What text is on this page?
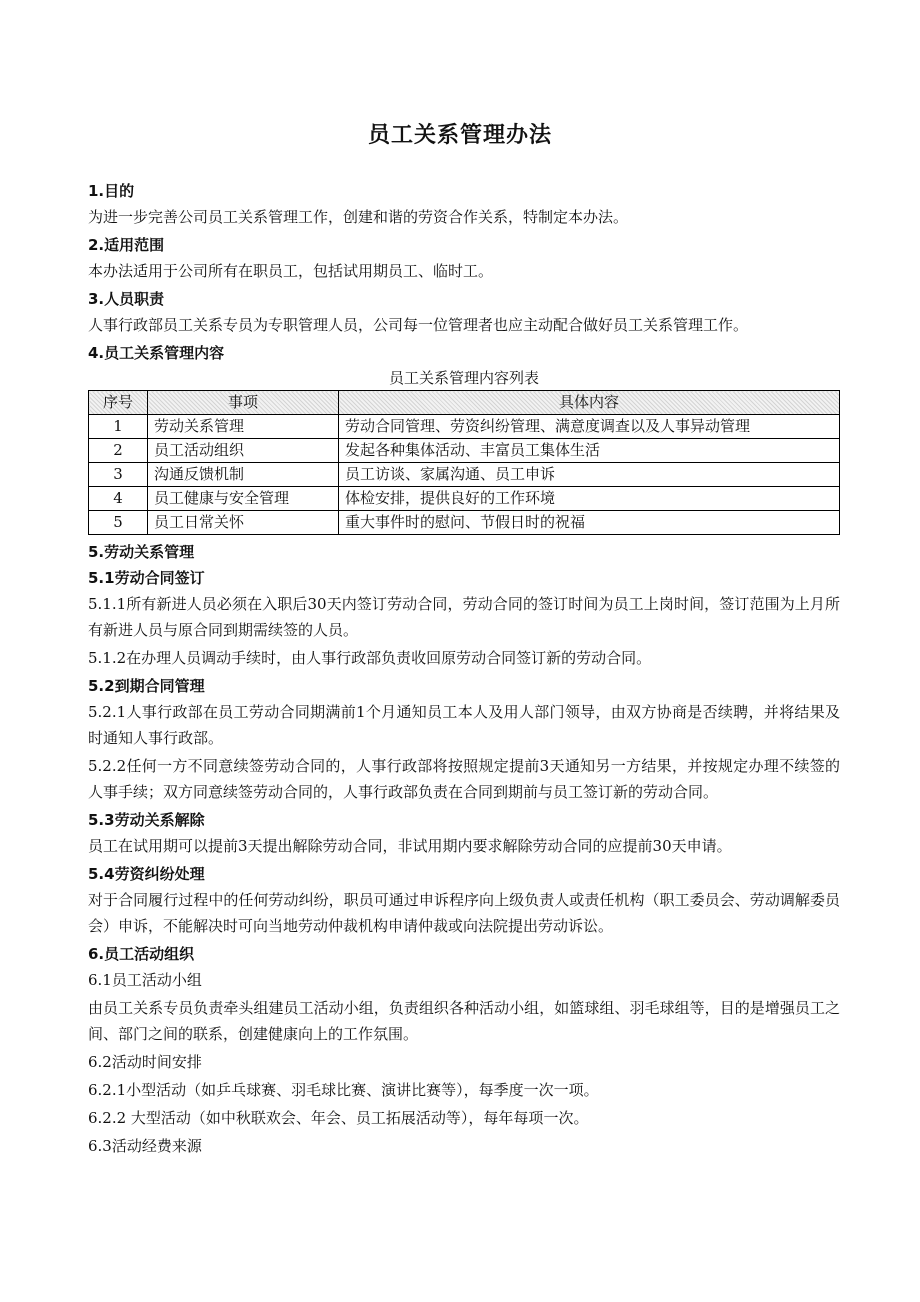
员工关系管理办法
1.目的
为进一步完善公司员工关系管理工作，创建和谐的劳资合作关系，特制定本办法。
2.适用范围
本办法适用于公司所有在职员工，包括试用期员工、临时工。
3.人员职责
人事行政部员工关系专员为专职管理人员，公司每一位管理者也应主动配合做好员工关系管理工作。
4.员工关系管理内容
员工关系管理内容列表
序号	事项	具体内容
1	劳动关系管理	劳动合同管理、劳资纠纷管理、满意度调查以及人事异动管理
2	员工活动组织	发起各种集体活动、丰富员工集体生活
3	沟通反馈机制	员工访谈、家属沟通、员工申诉
4	员工健康与安全管理	体检安排，提供良好的工作环境
5	员工日常关怀	重大事件时的慰问、节假日时的祝福
5.劳动关系管理
5.1劳动合同签订
5.1.1所有新进人员必须在入职后30天内签订劳动合同，劳动合同的签订时间为员工上岗时间，签订范围为上月所有新进人员与原合同到期需续签的人员。
5.1.2在办理人员调动手续时，由人事行政部负责收回原劳动合同签订新的劳动合同。
5.2到期合同管理
5.2.1人事行政部在员工劳动合同期满前1个月通知员工本人及用人部门领导，由双方协商是否续聘，并将结果及时通知人事行政部。
5.2.2任何一方不同意续签劳动合同的，人事行政部将按照规定提前3天通知另一方结果，并按规定办理不续签的人事手续；双方同意续签劳动合同的，人事行政部负责在合同到期前与员工签订新的劳动合同。
5.3劳动关系解除
员工在试用期可以提前3天提出解除劳动合同，非试用期内要求解除劳动合同的应提前30天申请。
5.4劳资纠纷处理
对于合同履行过程中的任何劳动纠纷，职员可通过申诉程序向上级负责人或责任机构（职工委员会、劳动调解委员会）申诉，不能解决时可向当地劳动仲裁机构申请仲裁或向法院提出劳动诉讼。
6.员工活动组织
6.1员工活动小组
由员工关系专员负责牵头组建员工活动小组，负责组织各种活动小组，如篮球组、羽毛球组等，目的是增强员工之间、部门之间的联系，创建健康向上的工作氛围。
6.2活动时间安排
6.2.1小型活动（如乒乓球赛、羽毛球比赛、演讲比赛等），每季度一次一项。
6.2.2 大型活动（如中秋联欢会、年会、员工拓展活动等），每年每项一次。
6.3活动经费来源
